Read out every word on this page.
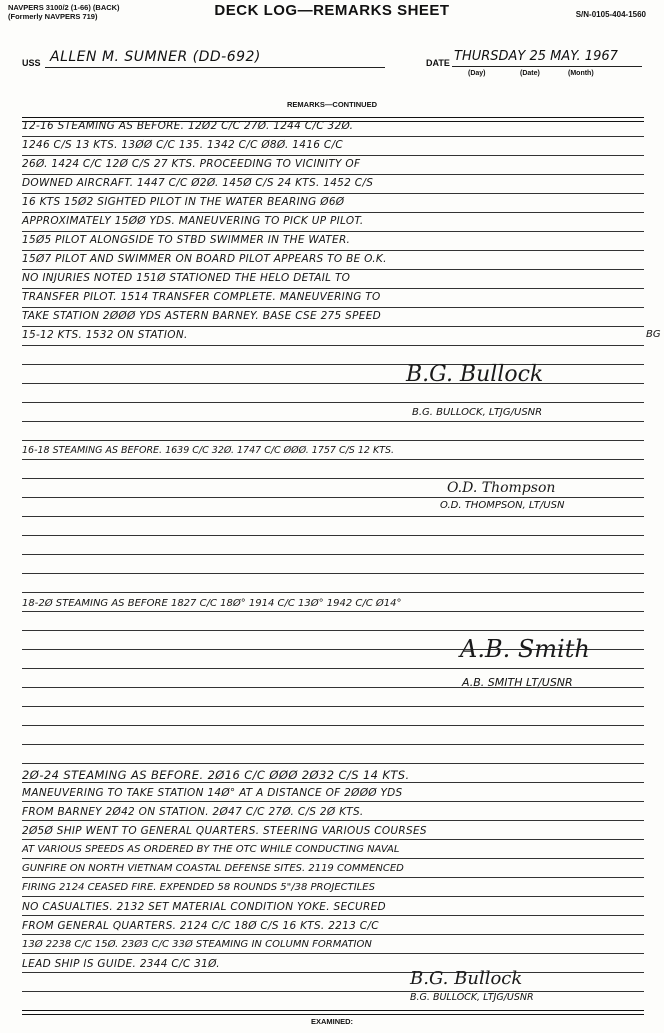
NAVPERS 3100/2 (1-66) (BACK)
(Formerly NAVPERS 719)	DECK LOG—REMARKS SHEET	S/N-0105-404-1560
USS ALLEN M. SUMNER (DD-692)	DATE THURSDAY 25 MAY. 1967
(Day)	(Date)	(Month)
REMARKS—CONTINUED
12-16 STEAMING AS BEFORE. 12Ø2 C/C 27Ø. 1244 C/C 32Ø.
1246 C/S 13 KTS. 13ØØ C/C 135. 1342 C/C Ø8Ø. 1416 C/C
26Ø. 1424 C/C 12Ø C/S 27 KTS. PROCEEDING TO VICINITY OF
DOWNED AIRCRAFT. 1447 C/C Ø2Ø. 145Ø C/S 24 KTS. 1452 C/S
16 KTS 15Ø2 SIGHTED PILOT IN THE WATER BEARING Ø6Ø
APPROXIMATELY 15ØØ YDS. MANEUVERING TO PICK UP PILOT.
15Ø5 PILOT ALONGSIDE TO STBD SWIMMER IN THE WATER.
15Ø7 PILOT AND SWIMMER ON BOARD PILOT APPEARS TO BE O.K.
NO INJURIES NOTED 151Ø STATIONED THE HELO DETAIL TO
TRANSFER PILOT. 1514 TRANSFER COMPLETE. MANEUVERING TO
TAKE STATION 2ØØØ YDS ASTERN BARNEY. BASE CSE 275 SPEED
15-12 KTS. 1532 ON STATION.	BG
B.G. Bullock
B.G. BULLOCK, LTJG/USNR
16-18 STEAMING AS BEFORE. 1639 C/C 32Ø. 1747 C/C ØØØ. 1757 C/S 12 KTS.
O.D. Thompson
O.D. THOMPSON, LT/USN
18-2Ø STEAMING AS BEFORE 1827 C/C 18Ø° 1914 C/C 13Ø° 1942 C/C Ø14°
A.B. Smith
A.B. SMITH LT/USNR
2Ø-24 STEAMING AS BEFORE. 2Ø16 C/C ØØØ 2Ø32 C/S 14 KTS.
MANEUVERING TO TAKE STATION 14Ø° AT A DISTANCE OF 2ØØØ YDS
FROM BARNEY 2Ø42 ON STATION. 2Ø47 C/C 27Ø. C/S 2Ø KTS.
2Ø5Ø SHIP WENT TO GENERAL QUARTERS. STEERING VARIOUS COURSES
AT VARIOUS SPEEDS AS ORDERED BY THE OTC WHILE CONDUCTING NAVAL
GUNFIRE ON NORTH VIETNAM COASTAL DEFENSE SITES. 2119 COMMENCED
FIRING 2124 CEASED FIRE. EXPENDED 58 ROUNDS 5"/38 PROJECTILES
NO CASUALTIES. 2132 SET MATERIAL CONDITION YOKE. SECURED
FROM GENERAL QUARTERS. 2124 C/C 18Ø C/S 16 KTS. 2213 C/C
13Ø 2238 C/C 15Ø. 23Ø3 C/C 33Ø STEAMING IN COLUMN FORMATION
LEAD SHIP IS GUIDE. 2344 C/C 31Ø.
B.G. Bullock
B.G. BULLOCK, LTJG/USNR
EXAMINED:
